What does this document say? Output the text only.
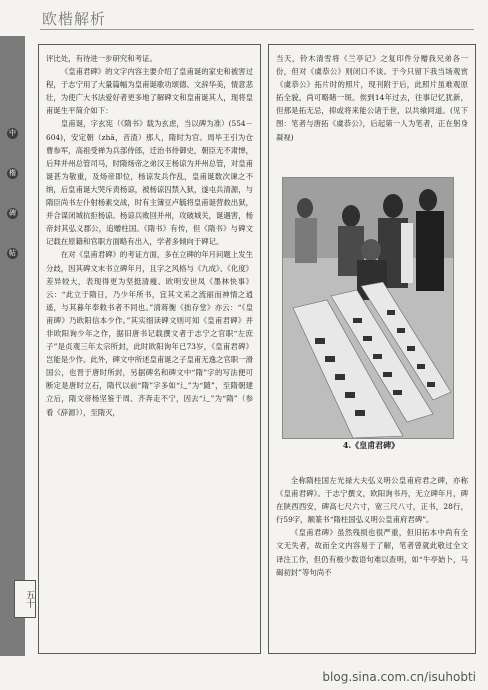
欧楷解析
中
楷
碑
帖
五十

评比处，有待进一步研究和考证。

《皇甫君碑》的文字内容主要介绍了皇甫诞的家史和被害过程，于志宁用了大量篇幅为皇甫诞歌功颂德、文辞华美，情意悲壮，为使广大书法爱好者更多地了解碑文和皇甫诞其人，现将皇甫诞生平简介如下：

皇甫诞，字玄宪（《隋书》载为玄虑，当以碑为准）(554－604)，安定朝（zhā，音渣）那人，隋时为官。周毕王引为仓曹参军，高祖受禅为兵部侍郎，迁治书侍御史，朝臣无不肃惮，后拜并州总管司马，时隋炀帝之弟汉王杨谅为并州总管，对皇甫诞甚为敬重，及炀帝即位，杨谅发兵作乱，皇甫诞数次谏之不纳，后皇甫诞大哭斥责杨谅，被杨谅囚禁入狱，遂屯兵清源，与隋臣尚书左仆射杨素交战，时有主簿豆卢毓将皇甫诞营救出狱，并合谋闭城抗拒杨谅。杨谅兵败回并州，攻破城关，诞遇害，杨帝封其弘义郡公，追赠柱国。《隋书》有传，但《隋书》与碑文记载在原籍和官职方面略有出入，学者多倾向于碑记。

在对《皇甫君碑》的考证方面，多在立碑的年月问题上发生分歧，因其碑文末书立碑年月，且字之风格与《九成》、《化度》差异较大，表现得更为坚挺清瘦、欧明安世凤《墨林快事》云：“此立于隋日，乃少年所书，宜其文采之流丽而神情之逍遥，与其暮年奉敕书者不同也。”清蒋衡《拙存堂》亦云：“《皇甫碑》乃欧阳信本少作。”其实细读碑文则可知《皇甫君碑》并非欧阳询少年之作，据旧唐书记载撰文者于志宁之官职“左庶子”是贞观三年太宗所封，此时欧阳询年已73岁，《皇甫君碑》岂能是少作。此外，碑文中所述皇甫诞之子皇甫无逸之官职一滑国公，也晋于唐时所封，另据碑名和碑文中“隋”字的写法便可断定是唐时立石，隋代以前“隋”字多如“辶”为“随”，至隋朝建立后，隋文帝杨坚鉴于周、齐奔走不宁，因去“辶”为“隋”（参看《辞源》），至隋灭，

当天，铃木清雪将《兰亭记》之复印件分赠我兄弟各一份，但对《虞恭公》则闭口不谈。于今只留下我当场观赏《虞恭公》拓片时的照片，现刊附于后，此照片虽难观原拓全貌，尚可略睹一斑。俟到14年过去，往事记忆犹新，但那是拓无忌，抑或将来能公诸于世，以共飨同道。(见下图：笔者与唐拓《虞恭公》，后起第一人为笔者，正在躬身凝视)

4.《皇甫君碑》

全称隋柱国左光禄大夫弘义明公皇甫府君之碑，亦称《皇甫君碑》。于志宁撰文，欧阳询书丹，无立碑年月，碑在陕西西安，碑高七尺六寸，宽三尺八寸，正书，28行，行59字，额篆书“隋柱国弘义明公皇甫府君碑”。

《皇甫君碑》虽然残损也很严重，但旧拓本中尚有全文无失者，故而全文内容易于了解，笔者曾就此敬过全文译注工作，但仍有极少数语句难以查明，如“牛亭始卜，马碣初封”等句尚不

blog.sina.com.cn/isuhobti
